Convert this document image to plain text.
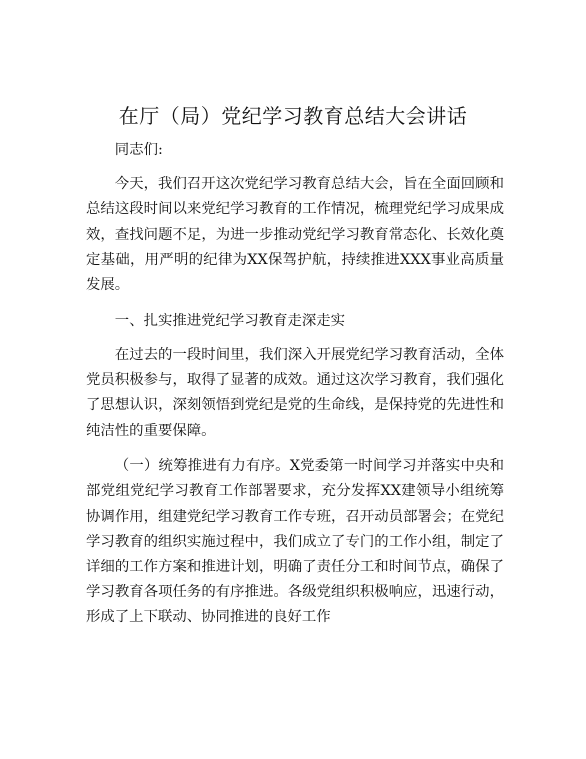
在厅（局）党纪学习教育总结大会讲话

同志们:

今天，我们召开这次党纪学习教育总结大会，旨在全面回顾和总结这段时间以来党纪学习教育的工作情况，梳理党纪学习成果成效，查找问题不足，为进一步推动党纪学习教育常态化、长效化奠定基础，用严明的纪律为XX保驾护航，持续推进XXX事业高质量发展。

一、扎实推进党纪学习教育走深走实

在过去的一段时间里，我们深入开展党纪学习教育活动，全体党员积极参与，取得了显著的成效。通过这次学习教育，我们强化了思想认识，深刻领悟到党纪是党的生命线，是保持党的先进性和纯洁性的重要保障。

（一）统筹推进有力有序。X党委第一时间学习并落实中央和部党组党纪学习教育工作部署要求，充分发挥XX建领导小组统筹协调作用，组建党纪学习教育工作专班，召开动员部署会；在党纪学习教育的组织实施过程中，我们成立了专门的工作小组，制定了详细的工作方案和推进计划，明确了责任分工和时间节点，确保了学习教育各项任务的有序推进。各级党组织积极响应，迅速行动，形成了上下联动、协同推进的良好工作
